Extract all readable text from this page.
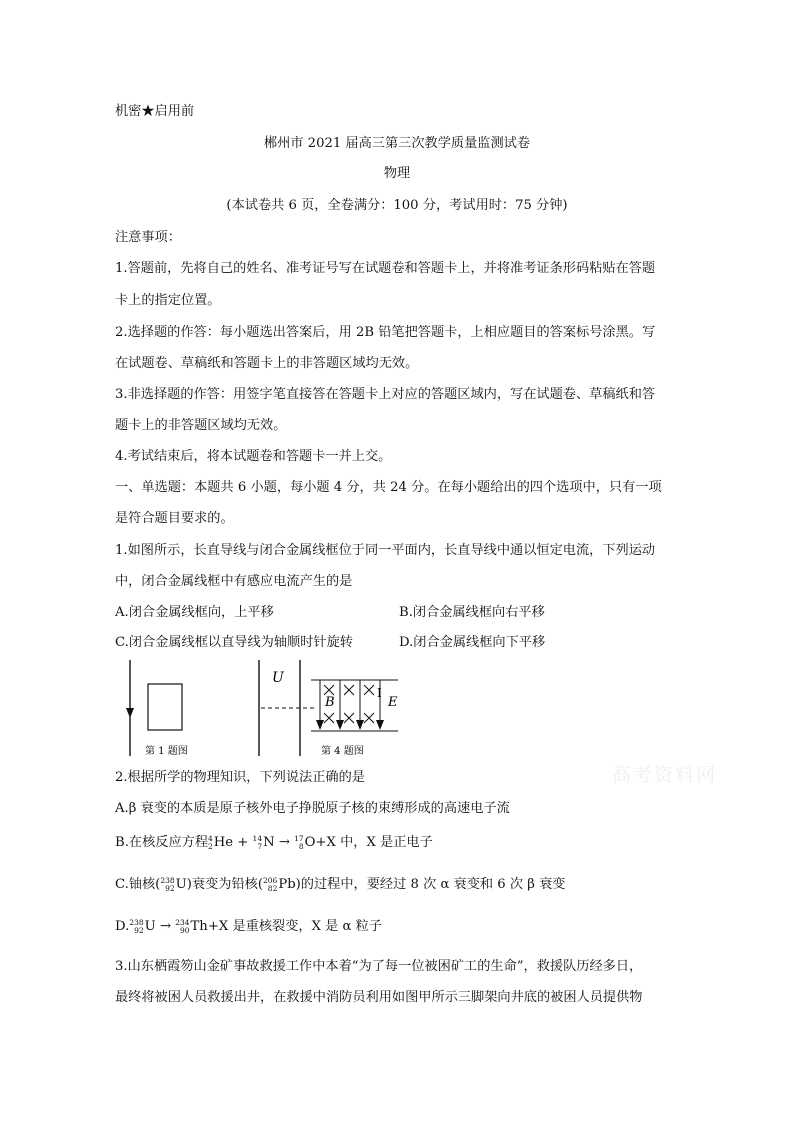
机密★启用前
郴州市 2021 届高三第三次教学质量监测试卷
物理
(本试卷共 6 页，全卷满分：100 分，考试用时：75 分钟)
注意事项：
1.答题前，先将自己的姓名、准考证号写在试题卷和答题卡上，并将准考证条形码粘贴在答题
卡上的指定位置。
2.选择题的作答：每小题选出答案后，用 2B 铅笔把答题卡，上相应题目的答案标号涂黑。写
在试题卷、草稿纸和答题卡上的非答题区域均无效。
3.非选择题的作答：用签字笔直接答在答题卡上对应的答题区域内，写在试题卷、草稿纸和答
题卡上的非答题区域均无效。
4.考试结束后，将本试题卷和答题卡一并上交。
一、单选题：本题共 6 小题，每小题 4 分，共 24 分。在每小题给出的四个选项中，只有一项
是符合题目要求的。
1.如图所示，长直导线与闭合金属线框位于同一平面内，长直导线中通以恒定电流，下列运动
中，闭合金属线框中有感应电流产生的是
A.闭合金属线框向，上平移	B.闭合金属线框向右平移
C.闭合金属线框以直导线为轴顺时针旋转	D.闭合金属线框向下平移
第 1 题图
U
B
I
E
第 4 题图
2.根据所学的物理知识，下列说法正确的是
A.β 衰变的本质是原子核外电子挣脱原子核的束缚形成的高速电子流
B.在核反应方程 4
2 He + 14
7 N → 17
8 O+X 中，X 是正电子
C.铀核( 238
92 U)衰变为铅核( 206
82 Pb)的过程中，要经过 8 次 α 衰变和 6 次 β 衰变
D. 238
92 U → 234
90 Th+X 是重核裂变，X 是 α 粒子
3.山东栖霞笏山金矿事故救援工作中本着“为了每一位被困矿工的生命”，救援队历经多日，
最终将被困人员救援出井，在救援中消防员利用如图甲所示三脚架向井底的被困人员提供物
高考资料网
